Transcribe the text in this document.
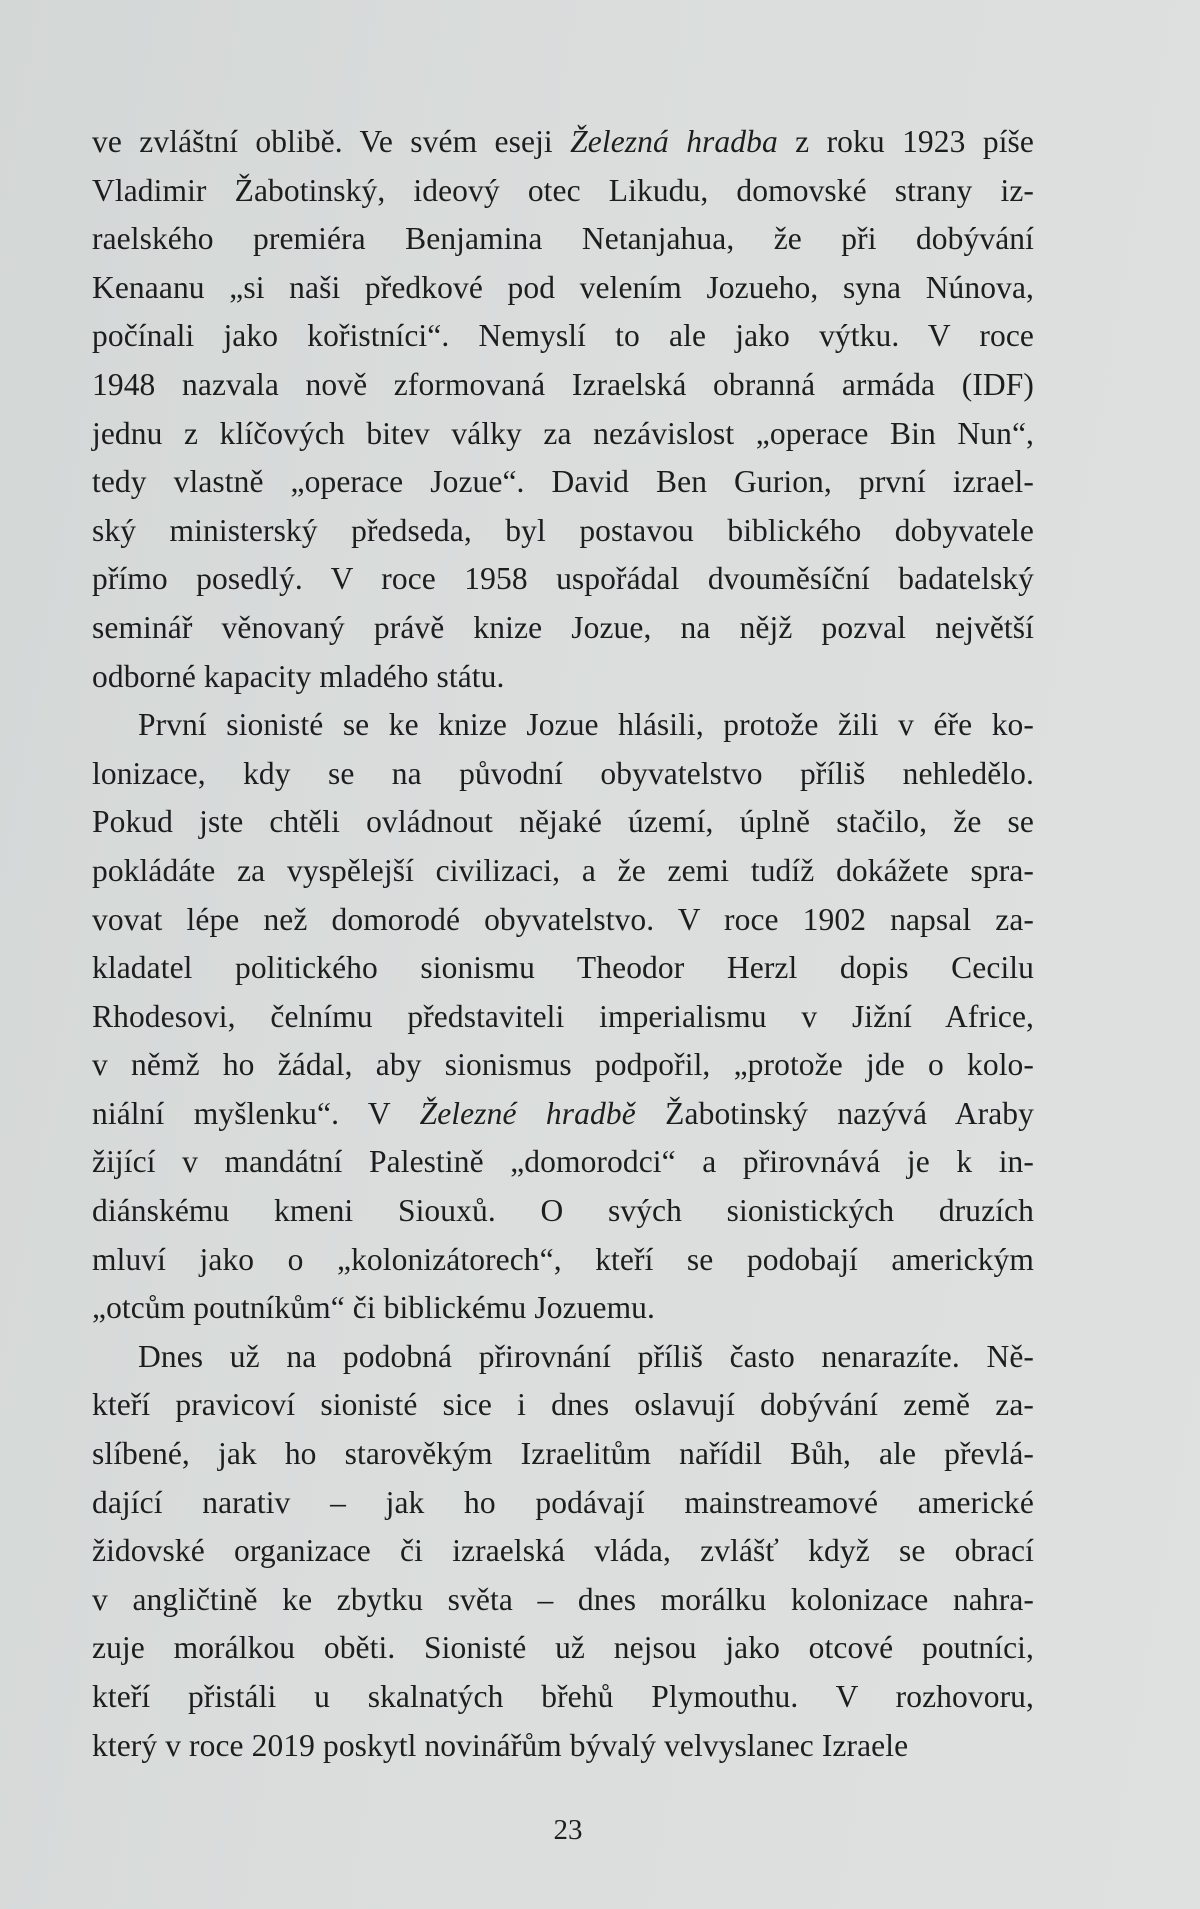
ve zvláštní oblibě. Ve svém eseji Železná hradba z roku 1923 píše
Vladimir Žabotinský, ideový otec Likudu, domovské strany iz-
raelského premiéra Benjamina Netanjahua, že při dobývání
Kenaanu „si naši předkové pod velením Jozueho, syna Núnova,
počínali jako kořistníci“. Nemyslí to ale jako výtku. V roce
1948 nazvala nově zformovaná Izraelská obranná armáda (IDF)
jednu z klíčových bitev války za nezávislost „operace Bin Nun“,
tedy vlastně „operace Jozue“. David Ben Gurion, první izrael-
ský ministerský předseda, byl postavou biblického dobyvatele
přímo posedlý. V roce 1958 uspořádal dvouměsíční badatelský
seminář věnovaný právě knize Jozue, na nějž pozval největší
odborné kapacity mladého státu.
První sionisté se ke knize Jozue hlásili, protože žili v éře ko-
lonizace, kdy se na původní obyvatelstvo příliš nehledělo.
Pokud jste chtěli ovládnout nějaké území, úplně stačilo, že se
pokládáte za vyspělejší civilizaci, a že zemi tudíž dokážete spra-
vovat lépe než domorodé obyvatelstvo. V roce 1902 napsal za-
kladatel politického sionismu Theodor Herzl dopis Cecilu
Rhodesovi, čelnímu představiteli imperialismu v Jižní Africe,
v němž ho žádal, aby sionismus podpořil, „protože jde o kolo-
niální myšlenku“. V Železné hradbě Žabotinský nazývá Araby
žijící v mandátní Palestině „domorodci“ a přirovnává je k in-
diánskému kmeni Siouxů. O svých sionistických druzích
mluví jako o „kolonizátorech“, kteří se podobají americkým
„otcům poutníkům“ či biblickému Jozuemu.
Dnes už na podobná přirovnání příliš často nenarazíte. Ně-
kteří pravicoví sionisté sice i dnes oslavují dobývání země za-
slíbené, jak ho starověkým Izraelitům nařídil Bůh, ale převlá-
dající narativ – jak ho podávají mainstreamové americké
židovské organizace či izraelská vláda, zvlášť když se obrací
v angličtině ke zbytku světa – dnes morálku kolonizace nahra-
zuje morálkou oběti. Sionisté už nejsou jako otcové poutníci,
kteří přistáli u skalnatých břehů Plymouthu. V rozhovoru,
který v roce 2019 poskytl novinářům bývalý velvyslanec Izraele
23
